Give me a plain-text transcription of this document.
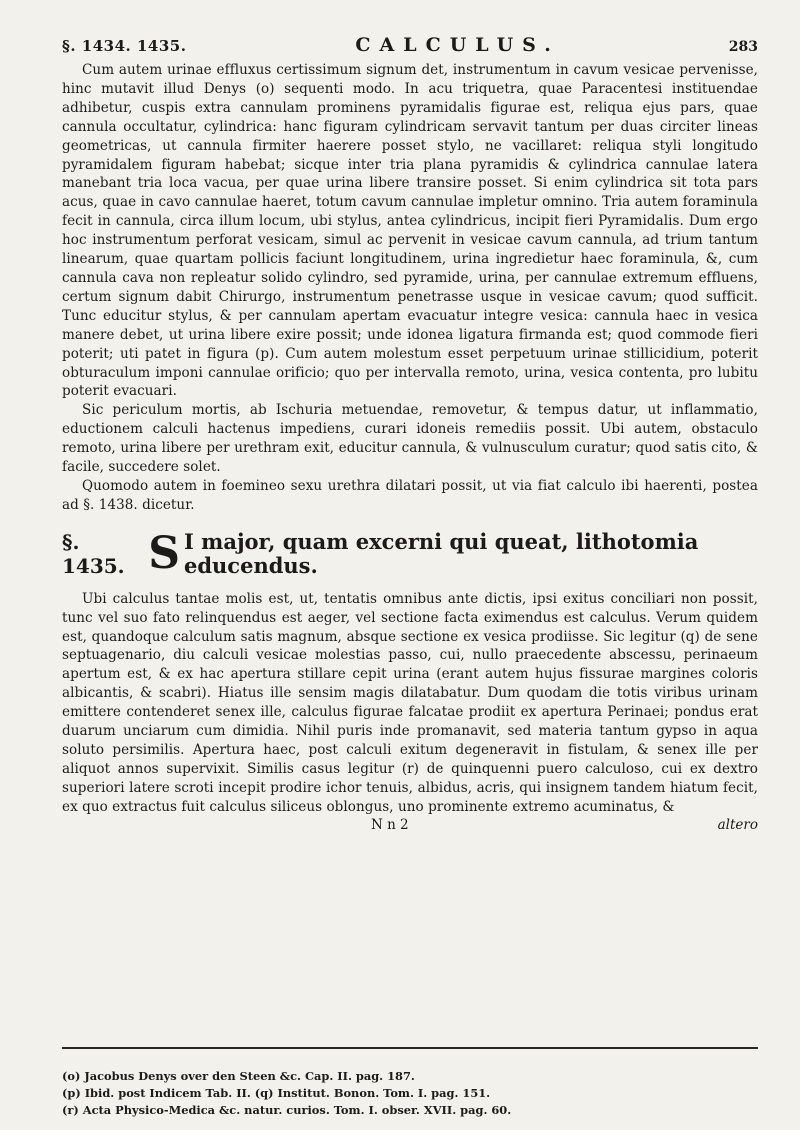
§. 1434. 1435.	CALCULUS.	283

Cum autem urinae effluxus certissimum signum det, instrumentum in cavum vesicae pervenisse, hinc mutavit illud Denys (o) sequenti modo. In acu triquetra, quae Paracentesi instituendae adhibetur, cuspis extra cannulam prominens pyramidalis figurae est, reliqua ejus pars, quae cannula occultatur, cylindrica: hanc figuram cylindricam servavit tantum per duas circiter lineas geometricas, ut cannula firmiter haerere posset stylo, ne vacillaret: reliqua styli longitudo pyramidalem figuram habebat; sicque inter tria plana pyramidis & cylindrica cannulae latera manebant tria loca vacua, per quae urina libere transire posset. Si enim cylindrica sit tota pars acus, quae in cavo cannulae haeret, totum cavum cannulae impletur omnino. Tria autem foraminula fecit in cannula, circa illum locum, ubi stylus, antea cylindricus, incipit fieri Pyramidalis. Dum ergo hoc instrumentum perforat vesicam, simul ac pervenit in vesicae cavum cannula, ad trium tantum linearum, quae quartam pollicis faciunt longitudinem, urina ingredietur haec foraminula, &, cum cannula cava non repleatur solido cylindro, sed pyramide, urina, per cannulae extremum effluens, certum signum dabit Chirurgo, instrumentum penetrasse usque in vesicae cavum; quod sufficit. Tunc educitur stylus, & per cannulam apertam evacuatur integre vesica: cannula haec in vesica manere debet, ut urina libere exire possit; unde idonea ligatura firmanda est; quod commode fieri poterit; uti patet in figura (p). Cum autem molestum esset perpetuum urinae stillicidium, poterit obturaculum imponi cannulae orificio; quo per intervalla remoto, urina, vesica contenta, pro lubitu poterit evacuari.

Sic periculum mortis, ab Ischuria metuendae, removetur, & tempus datur, ut inflammatio, eductionem calculi hactenus impediens, curari idoneis remediis possit. Ubi autem, obstaculo remoto, urina libere per urethram exit, educitur cannula, & vulnusculum curatur; quod satis cito, & facile, succedere solet.

Quomodo autem in foemineo sexu urethra dilatari possit, ut via fiat calculo ibi haerenti, postea ad §. 1438. dicetur.

§. 1435. S I major, quam excerni qui queat, lithotomia educendus.

Ubi calculus tantae molis est, ut, tentatis omnibus ante dictis, ipsi exitus conciliari non possit, tunc vel suo fato relinquendus est aeger, vel sectione facta eximendus est calculus. Verum quidem est, quandoque calculum satis magnum, absque sectione ex vesica prodiisse. Sic legitur (q) de sene septuagenario, diu calculi vesicae molestias passo, cui, nullo praecedente abscessu, perinaeum apertum est, & ex hac apertura stillare cepit urina (erant autem hujus fissurae margines coloris albicantis, & scabri). Hiatus ille sensim magis dilatabatur. Dum quodam die totis viribus urinam emittere contenderet senex ille, calculus figurae falcatae prodiit ex apertura Perinaei; pondus erat duarum unciarum cum dimidia. Nihil puris inde promanavit, sed materia tantum gypso in aqua soluto persimilis. Apertura haec, post calculi exitum degeneravit in fistulam, & senex ille per aliquot annos supervixit. Similis casus legitur (r) de quinquenni puero calculoso, cui ex dextro superiori latere scroti incepit prodire ichor tenuis, albidus, acris, qui insignem tandem hiatum fecit, ex quo extractus fuit calculus siliceus oblongus, uno prominente extremo acuminatus, &

N n 2	altero
(o) Jacobus Denys over den Steen &c. Cap. II. pag. 187.
(p) Ibid. post Indicem Tab. II. (q) Institut. Bonon. Tom. I. pag. 151.
(r) Acta Physico-Medica &c. natur. curios. Tom. I. obser. XVII. pag. 60.
